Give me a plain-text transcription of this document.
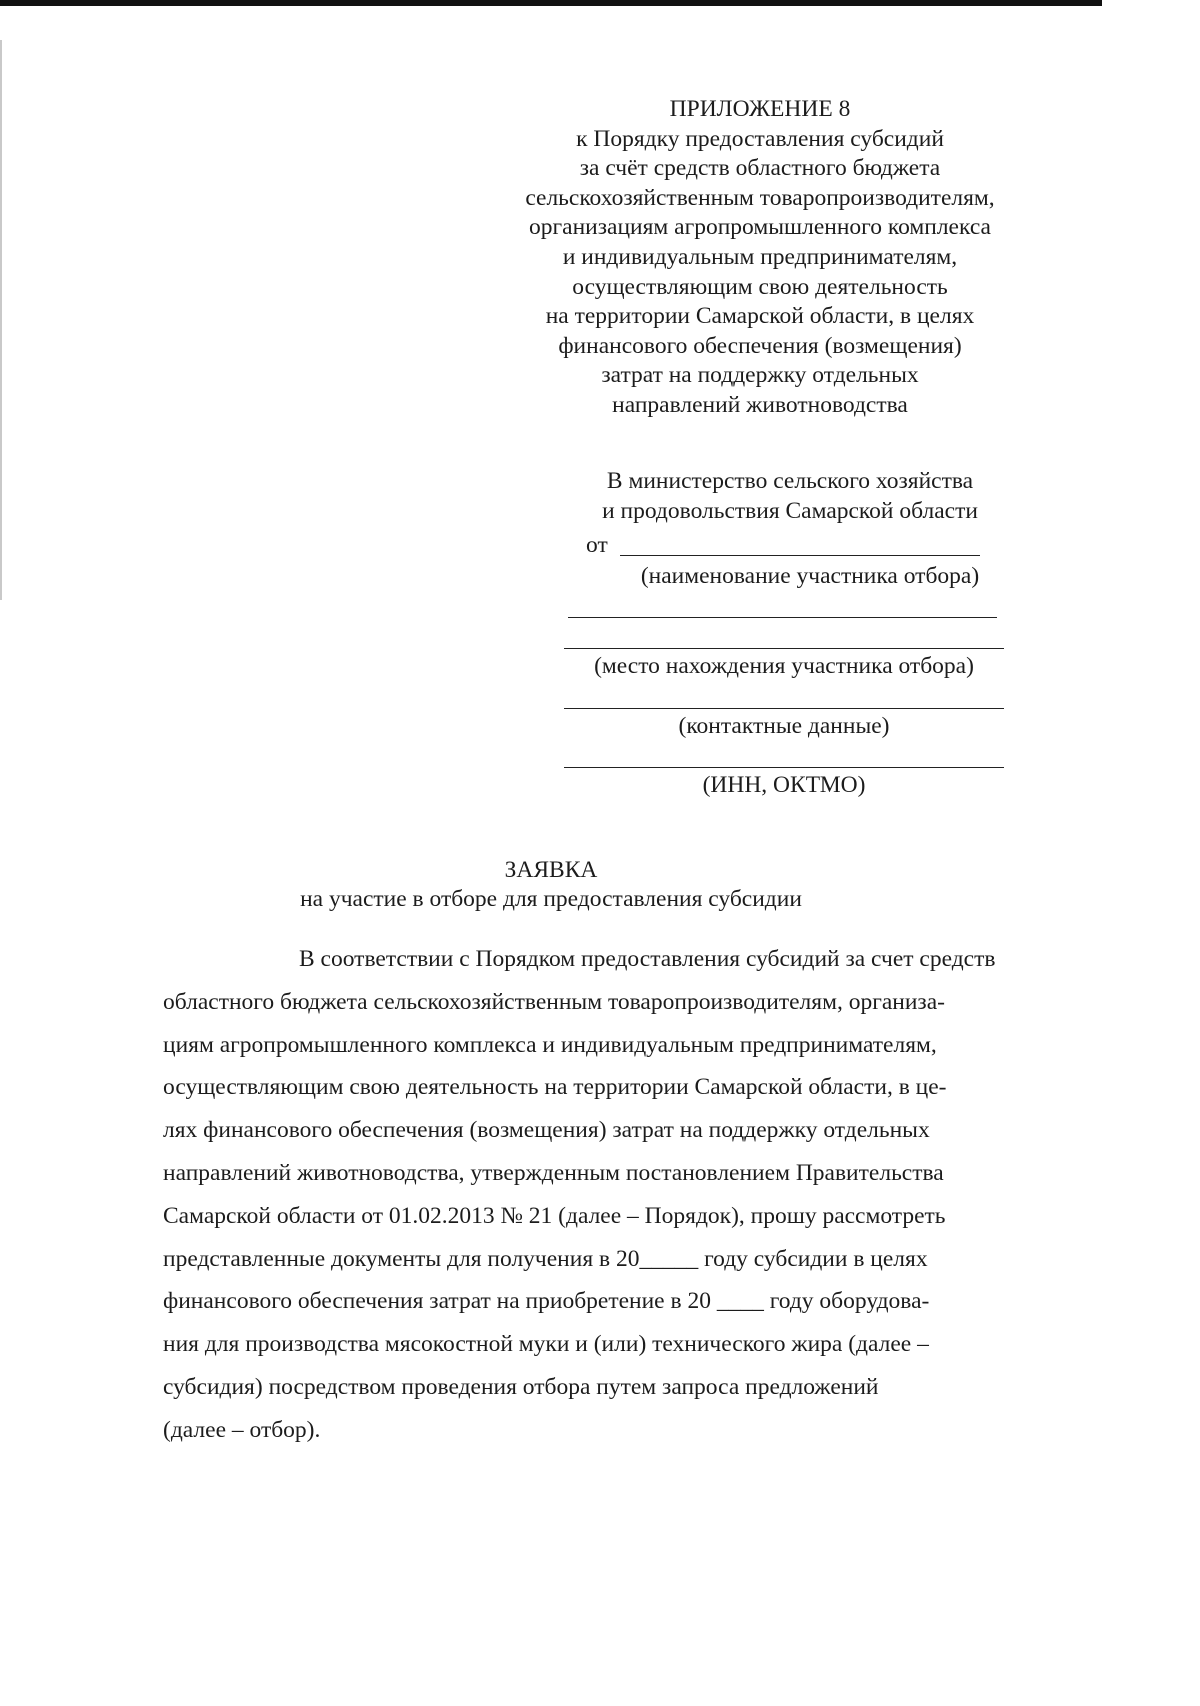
ПРИЛОЖЕНИЕ 8
к Порядку предоставления субсидий
за счёт средств областного бюджета
сельскохозяйственным товаропроизводителям,
организациям агропромышленного комплекса
и индивидуальным предпринимателям,
осуществляющим свою деятельность
на территории Самарской области, в целях
финансового обеспечения (возмещения)
затрат на поддержку отдельных
направлений животноводства
В министерство сельского хозяйства
и продовольствия Самарской области
от
(наименование участника отбора)
(место нахождения участника отбора)
(контактные данные)
(ИНН, ОКТМО)
ЗАЯВКА
на участие в отборе для предоставления субсидии
В соответствии с Порядком предоставления субсидий за счет средств
областного бюджета сельскохозяйственным товаропроизводителям, организа-
циям агропромышленного комплекса и индивидуальным предпринимателям,
осуществляющим свою деятельность на территории Самарской области, в це-
лях финансового обеспечения (возмещения) затрат на поддержку отдельных
направлений животноводства, утвержденным постановлением Правительства
Самарской области от 01.02.2013 № 21 (далее – Порядок), прошу рассмотреть
представленные документы для получения в 20_____ году субсидии в целях
финансового обеспечения затрат на приобретение в 20 ____ году оборудова-
ния для производства мясокостной муки и (или) технического жира (далее –
субсидия) посредством проведения отбора путем запроса предложений
(далее – отбор).
